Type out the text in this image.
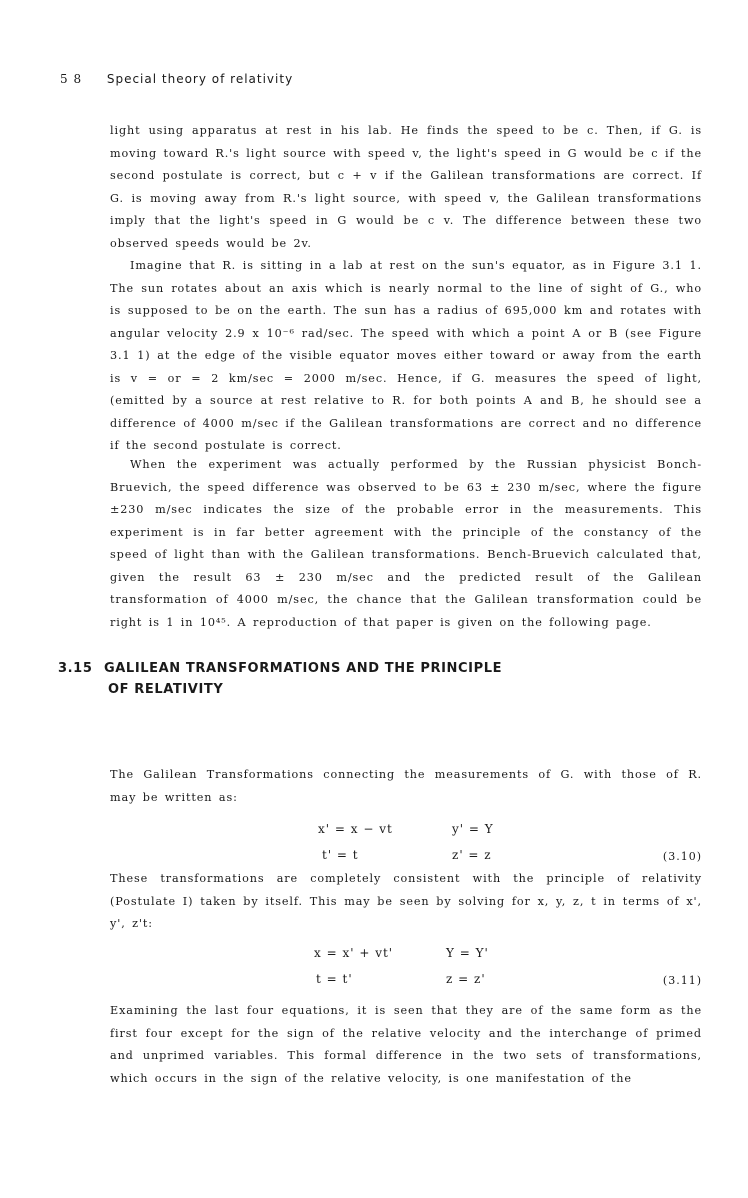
5 8 Special theory of relativity

light using apparatus at rest in his lab. He finds the speed to be c. Then, if G. is moving toward R.'s light source with speed v, the light's speed in G would be c if the second postulate is correct, but c + v if the Galilean transformations are correct. If G. is moving away from R.'s light source, with speed v, the Galilean transformations imply that the light's speed in G would be c v. The difference between these two observed speeds would be 2v.

Imagine that R. is sitting in a lab at rest on the sun's equator, as in Figure 3.1 1. The sun rotates about an axis which is nearly normal to the line of sight of G., who is supposed to be on the earth. The sun has a radius of 695,000 km and rotates with angular velocity 2.9 x 10⁻⁶ rad/sec. The speed with which a point A or B (see Figure 3.1 1) at the edge of the visible equator moves either toward or away from the earth is v = or = 2 km/sec = 2000 m/sec. Hence, if G. measures the speed of light, (emitted by a source at rest relative to R. for both points A and B, he should see a difference of 4000 m/sec if the Galilean transformations are correct and no difference if the second postulate is correct.

When the experiment was actually performed by the Russian physicist Bonch-Bruevich, the speed difference was observed to be 63 ± 230 m/sec, where the figure ±230 m/sec indicates the size of the probable error in the measurements. This experiment is in far better agreement with the principle of the constancy of the speed of light than with the Galilean transformations. Bench-Bruevich calculated that, given the result 63 ± 230 m/sec and the predicted result of the Galilean transformation of 4000 m/sec, the chance that the Galilean transformation could be right is 1 in 10⁴⁵. A reproduction of that paper is given on the following page.

3.15 GALILEAN TRANSFORMATIONS AND THE PRINCIPLE
OF RELATIVITY

The Galilean Transformations connecting the measurements of G. with those of R. may be written as:

x' = x − vt	y' = Y
t' = t	z' = z	(3.10)

These transformations are completely consistent with the principle of relativity (Postulate I) taken by itself. This may be seen by solving for x, y, z, t in terms of x', y', z't:

x = x' + vt'	Y = Y'
t = t'	z = z'	(3.11)

Examining the last four equations, it is seen that they are of the same form as the first four except for the sign of the relative velocity and the interchange of primed and unprimed variables. This formal difference in the two sets of transformations, which occurs in the sign of the relative velocity, is one manifestation of the
